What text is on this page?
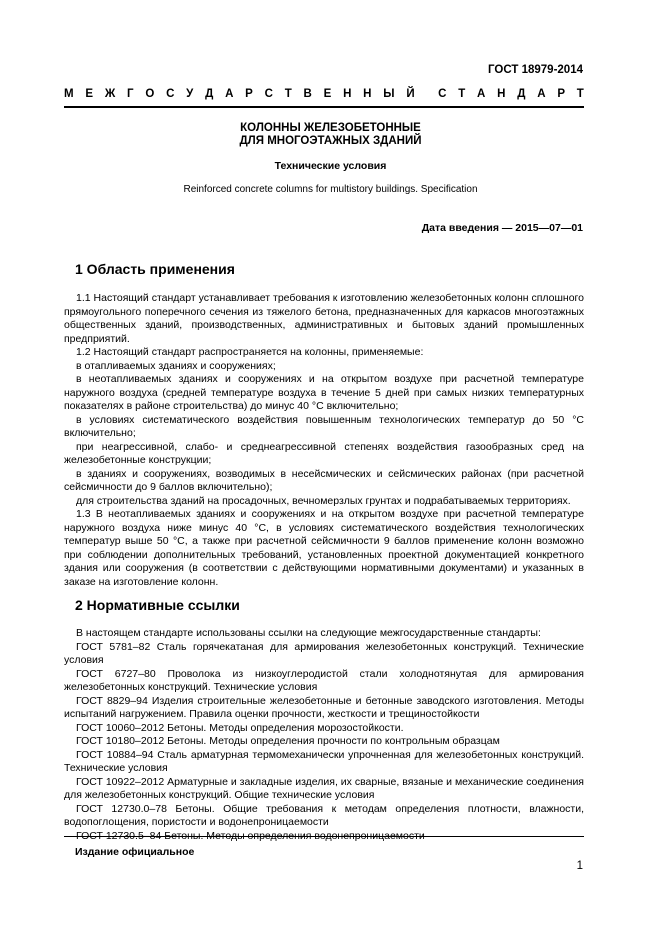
ГОСТ 18979-2014
М Е Ж Г О С У Д А Р С Т В Е Н Н Ы Й С Т А Н Д А Р Т
КОЛОННЫ ЖЕЛЕЗОБЕТОННЫЕ
ДЛЯ МНОГОЭТАЖНЫХ ЗДАНИЙ
Технические условия
Reinforced concrete columns for multistory buildings. Specification
Дата введения — 2015—07—01
1 Область применения

1.1 Настоящий стандарт устанавливает требования к изготовлению железобетонных колонн сплошного прямоугольного поперечного сечения из тяжелого бетона, предназначенных для каркасов многоэтажных общественных зданий, производственных, административных и бытовых зданий промышленных предприятий.

1.2 Настоящий стандарт распространяется на колонны, применяемые:

в отапливаемых зданиях и сооружениях;

в неотапливаемых зданиях и сооружениях и на открытом воздухе при расчетной температуре наружного воздуха (средней температуре воздуха в течение 5 дней при самых низких температурных показателях в районе строительства) до минус 40 °С включительно;

в условиях систематического воздействия повышенным технологических температур до 50 °С включительно;

при неагрессивной, слабо- и среднеагрессивной степенях воздействия газообразных сред на железобетонные конструкции;

в зданиях и сооружениях, возводимых в несейсмических и сейсмических районах (при расчетной сейсмичности до 9 баллов включительно);

для строительства зданий на просадочных, вечномерзлых грунтах и подрабатываемых территориях.

1.3 В неотапливаемых зданиях и сооружениях и на открытом воздухе при расчетной температуре наружного воздуха ниже минус 40 °С, в условиях систематического воздействия технологических температур выше 50 °С, а также при расчетной сейсмичности 9 баллов применение колонн возможно при соблюдении дополнительных требований, установленных проектной документацией конкретного здания или сооружения (в соответствии с действующими нормативными документами) и указанных в заказе на изготовление колонн.

2 Нормативные ссылки

В настоящем стандарте использованы ссылки на следующие межгосударственные стандарты:

ГОСТ 5781–82 Сталь горячекатаная для армирования железобетонных конструкций. Технические условия

ГОСТ 6727–80 Проволока из низкоуглеродистой стали холоднотянутая для армирования железобетонных конструкций. Технические условия

ГОСТ 8829–94 Изделия строительные железобетонные и бетонные заводского изготовления. Методы испытаний нагружением. Правила оценки прочности, жесткости и трещиностойкости

ГОСТ 10060–2012 Бетоны. Методы определения морозостойкости.

ГОСТ 10180–2012 Бетоны. Методы определения прочности по контрольным образцам

ГОСТ 10884–94 Сталь арматурная термомеханически упрочненная для железобетонных конструкций. Технические условия

ГОСТ 10922–2012 Арматурные и закладные изделия, их сварные, вязаные и механические соединения для железобетонных конструкций. Общие технические условия

ГОСТ 12730.0–78 Бетоны. Общие требования к методам определения плотности, влажности, водопоглощения, пористости и водонепроницаемости

ГОСТ 12730.5–84 Бетоны. Методы определения водонепроницаемости

Издание официальное
1
